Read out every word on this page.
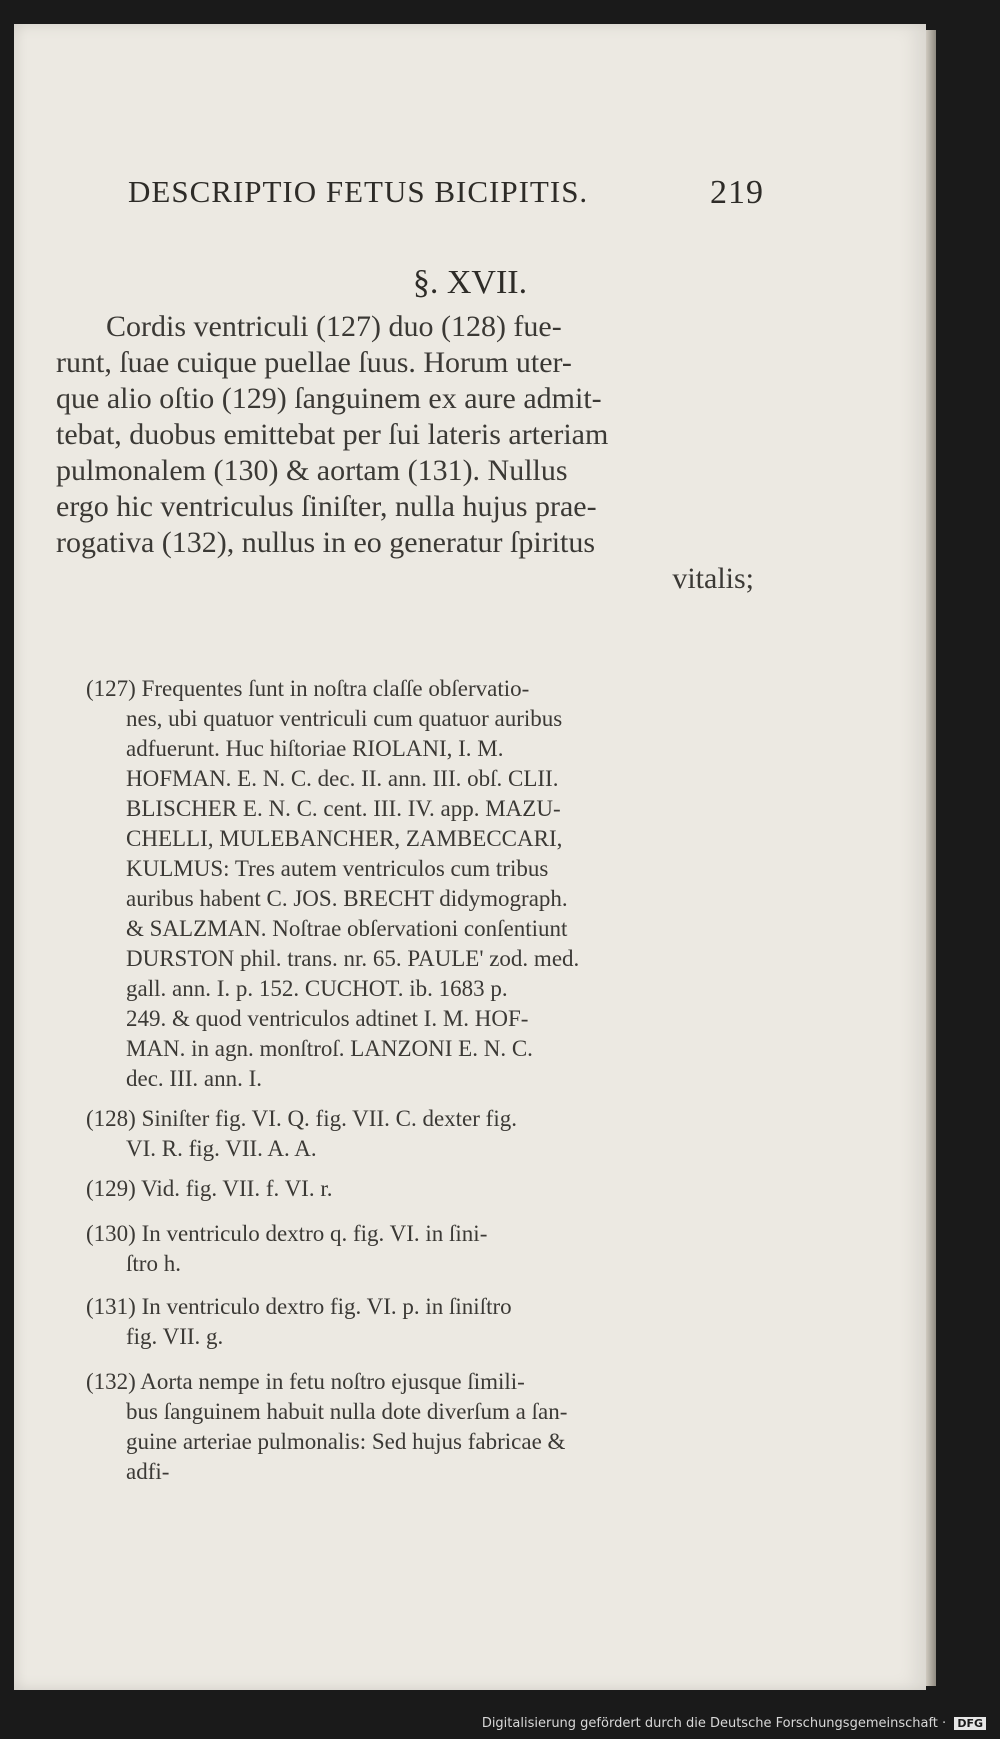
DESCRIPTIO FETUS BICIPITIS.	219
§. XVII.
Cordis ventriculi (127) duo (128) fue-
runt, ſuae cuique puellae ſuus. Horum uter-
que alio oſtio (129) ſanguinem ex aure admit-
tebat, duobus emittebat per ſui lateris arteriam
pulmonalem (130) & aortam (131). Nullus
ergo hic ventriculus ſiniſter, nulla hujus prae-
rogativa (132), nullus in eo generatur ſpiritus
vitalis;
(127) Frequentes ſunt in noſtra claſſe obſervatio-
nes, ubi quatuor ventriculi cum quatuor auribus
adfuerunt. Huc hiſtoriae RIOLANI, I. M.
HOFMAN. E. N. C. dec. II. ann. III. obſ. CLII.
BLISCHER E. N. C. cent. III. IV. app. MAZU-
CHELLI, MULEBANCHER, ZAMBECCARI,
KULMUS: Tres autem ventriculos cum tribus
auribus habent C. JOS. BRECHT didymograph.
& SALZMAN. Noſtrae obſervationi conſentiunt
DURSTON phil. trans. nr. 65. PAULE' zod. med.
gall. ann. I. p. 152. CUCHOT. ib. 1683 p.
249. & quod ventriculos adtinet I. M. HOF-
MAN. in agn. monſtroſ. LANZONI E. N. C.
dec. III. ann. I.
(128) Siniſter fig. VI. Q. fig. VII. C. dexter fig.
VI. R. fig. VII. A. A.
(129) Vid. fig. VII. f. VI. r.
(130) In ventriculo dextro q. fig. VI. in ſini-
ſtro h.
(131) In ventriculo dextro fig. VI. p. in ſiniſtro
fig. VII. g.
(132) Aorta nempe in fetu noſtro ejusque ſimili-
bus ſanguinem habuit nulla dote diverſum a ſan-
guine arteriae pulmonalis: Sed hujus fabricae &
adfi-
Digitalisierung gefördert durch die Deutsche Forschungsgemeinschaft · DFG
